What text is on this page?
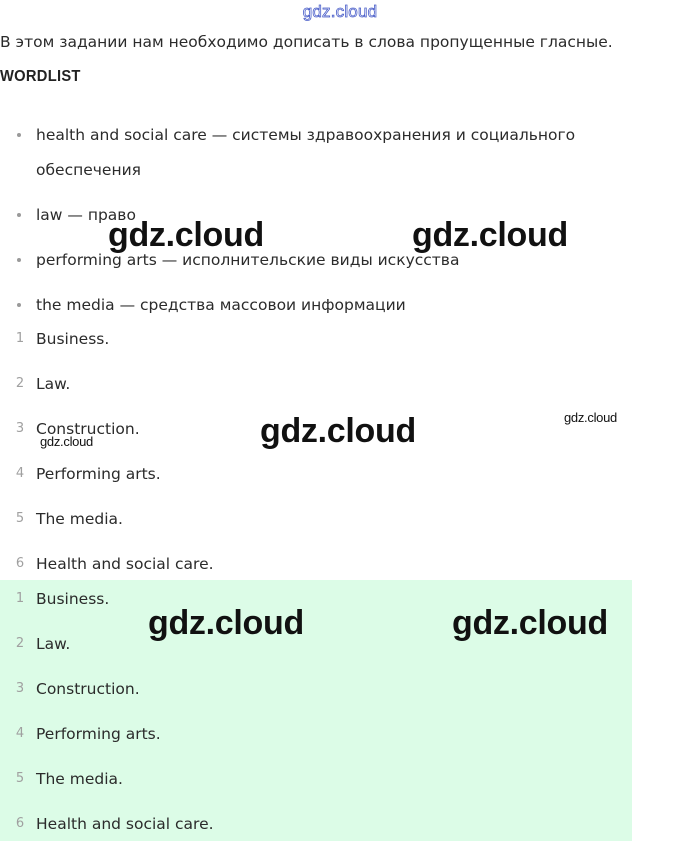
gdz.cloud
В этом задании нам необходимо дописать в слова пропущенные гласные.
WORDLIST
health and social care — системы здравоохранения и социального обеспечения
law — право
performing arts — исполнительские виды искусства
the media — средства массовои информации
1 Business.
2 Law.
3 Construction.
4 Performing arts.
5 The media.
6 Health and social care.
1 Business.
2 Law.
3 Construction.
4 Performing arts.
5 The media.
6 Health and social care.
gdz.cloud	gdz.cloud
gdz.cloud	gdz.cloud
gdz.cloud
gdz.cloud	gdz.cloud
